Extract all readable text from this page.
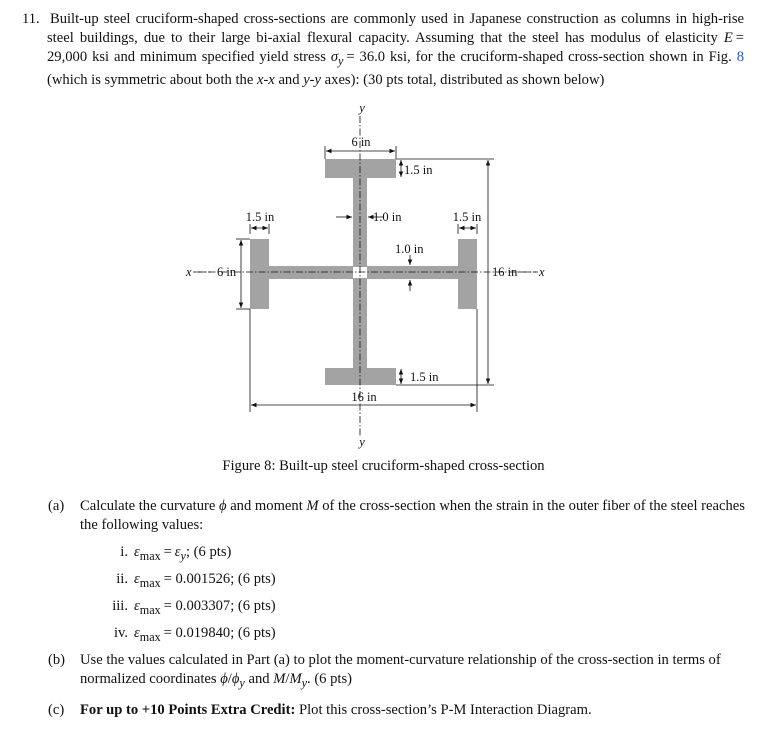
11. Built-up steel cruciform-shaped cross-sections are commonly used in Japanese construction as columns in high-rise steel buildings, due to their large bi-axial flexural capacity. Assuming that the steel has modulus of elasticity E  = 29,000 ksi and minimum specified yield stress $\sigma_y = 36.0$ ksi, for the cruciform-shaped cross-section shown in Fig. 8 (which is symmetric about both the x-x and y-y axes): (30 pts total, distributed as shown below)
y
6 in
1.5 in
1.0 in
1.0 in
1.5 in	1.5 in
x 6 in	16 in x
1.5 in
16 in
y
Figure 8: Built-up steel cruciform-shaped cross-section
(a) Calculate the curvature ϕ and moment M of the cross-section when the strain in the outer fiber of the steel reaches the following values:
i. $\varepsilon_{max} = \varepsilon_y$; (6 pts)
ii. $\varepsilon_{max} = 0.001526$; (6 pts)
iii. $\varepsilon_{max} = 0.003307$; (6 pts)
iv. $\varepsilon_{max} = 0.019840$; (6 pts)
(b) Use the values calculated in Part (a) to plot the moment-curvature relationship of the cross-section in terms of normalized coordinates $\phi/\phi_y$ and $M/M_y$. (6 pts)
(c) For up to +10 Points Extra Credit: Plot this cross-section’s P-M Interaction Diagram.
